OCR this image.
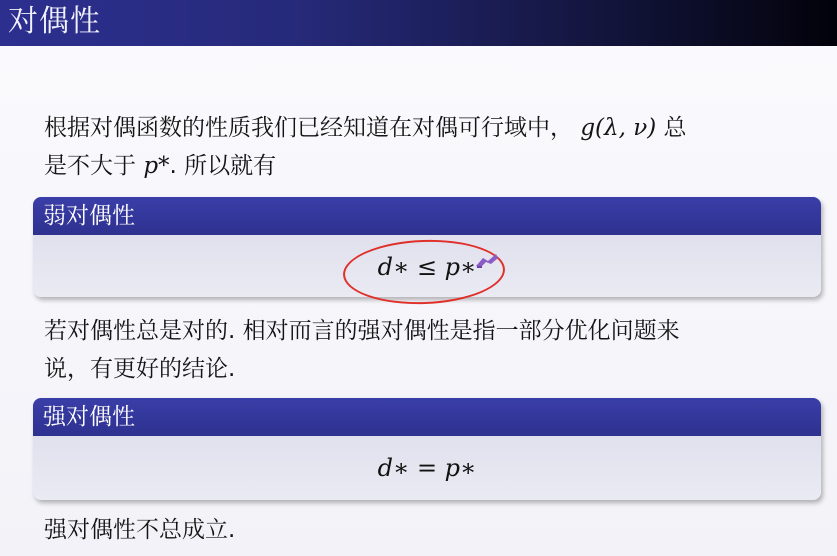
对偶性
根据对偶函数的性质我们已经知道在对偶可行域中， g(λ, ν) 总
是不大于 p*. 所以就有
弱对偶性
d∗ ≤ p∗
若对偶性总是对的. 相对而言的强对偶性是指一部分优化问题来
说，有更好的结论.
强对偶性
d∗ = p∗
强对偶性不总成立.
